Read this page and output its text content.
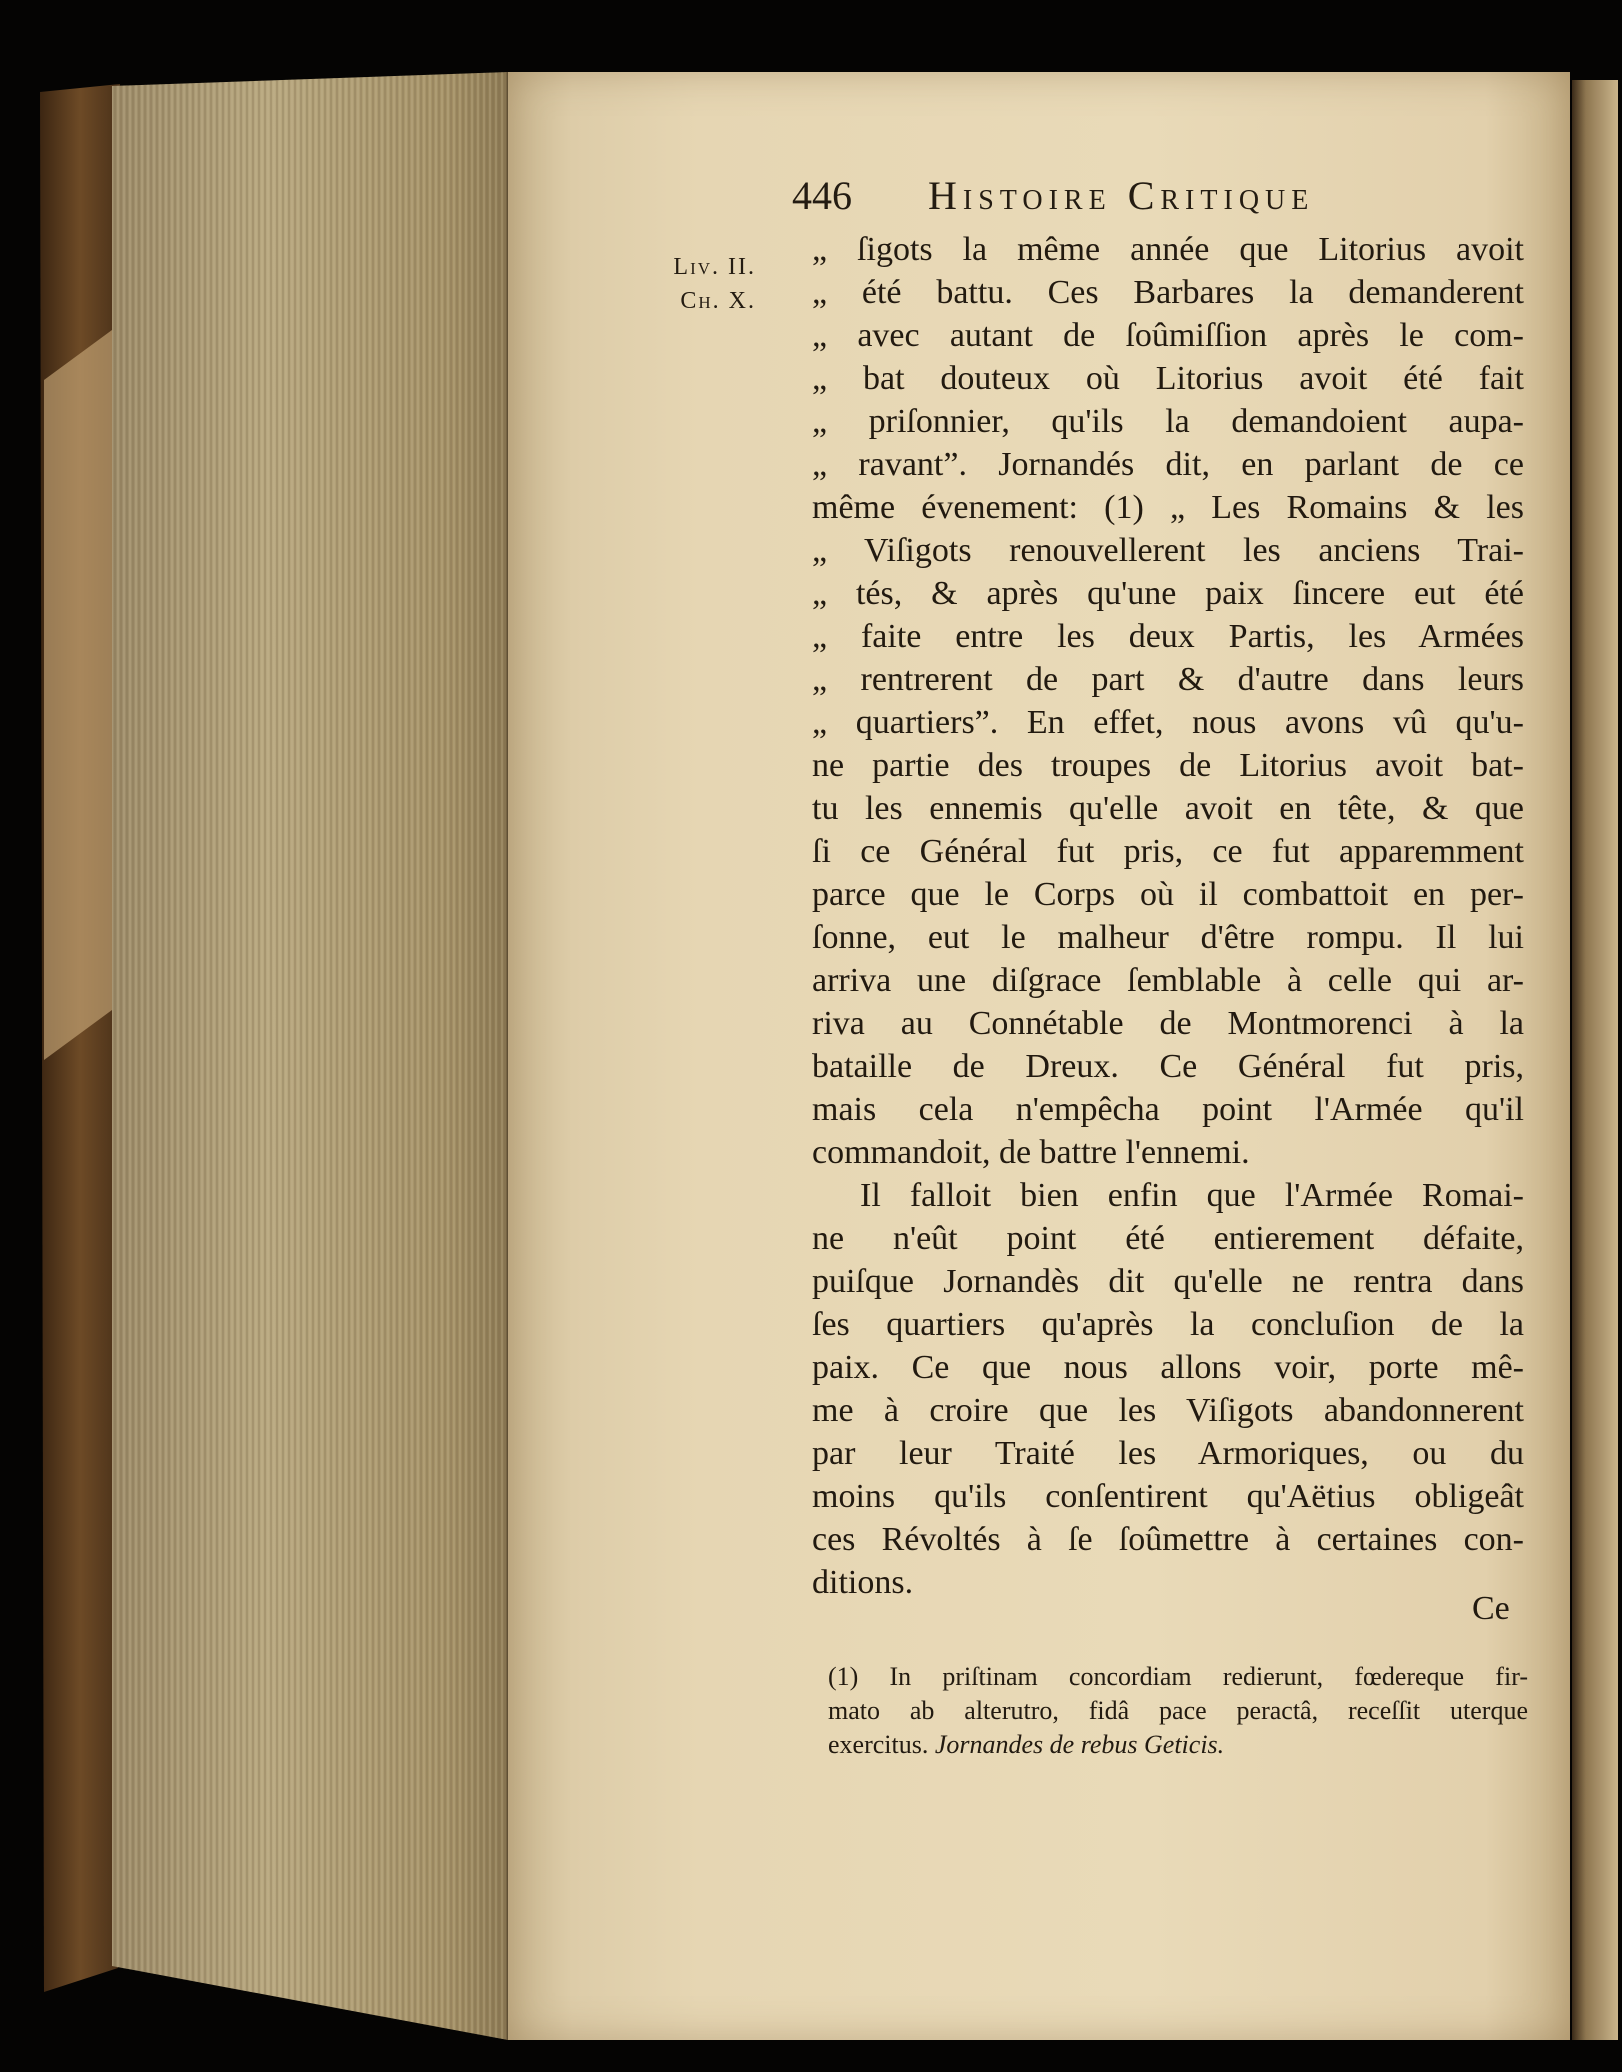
446 Histoire Critique
Liv. II.
Ch. X.
„ ſigots la même année que Litorius avoit
„ été battu. Ces Barbares la demanderent
„ avec autant de ſoûmiſſion après le com-
„ bat douteux où Litorius avoit été fait
„ priſonnier, qu'ils la demandoient aupa-
„ ravant”. Jornandés dit, en parlant de ce
même évenement: (1) „ Les Romains & les
„ Viſigots renouvellerent les anciens Trai-
„ tés, & après qu'une paix ſincere eut été
„ faite entre les deux Partis, les Armées
„ rentrerent de part & d'autre dans leurs
„ quartiers”. En effet, nous avons vû qu'u-
ne partie des troupes de Litorius avoit bat-
tu les ennemis qu'elle avoit en tête, & que
ſi ce Général fut pris, ce fut apparemment
parce que le Corps où il combattoit en per-
ſonne, eut le malheur d'être rompu. Il lui
arriva une diſgrace ſemblable à celle qui ar-
riva au Connétable de Montmorenci à la
bataille de Dreux. Ce Général fut pris,
mais cela n'empêcha point l'Armée qu'il
commandoit, de battre l'ennemi.
Il falloit bien enfin que l'Armée Romai-
ne n'eût point été entierement défaite,
puiſque Jornandès dit qu'elle ne rentra dans
ſes quartiers qu'après la concluſion de la
paix. Ce que nous allons voir, porte mê-
me à croire que les Viſigots abandonnerent
par leur Traité les Armoriques, ou du
moins qu'ils conſentirent qu'Aëtius obligeât
ces Révoltés à ſe ſoûmettre à certaines con-
ditions.
Ce
(1) In priſtinam concordiam redierunt, fœdereque fir-
mato ab alterutro, fidâ pace peractâ, receſſit uterque
exercitus. Jornandes de rebus Geticis.
